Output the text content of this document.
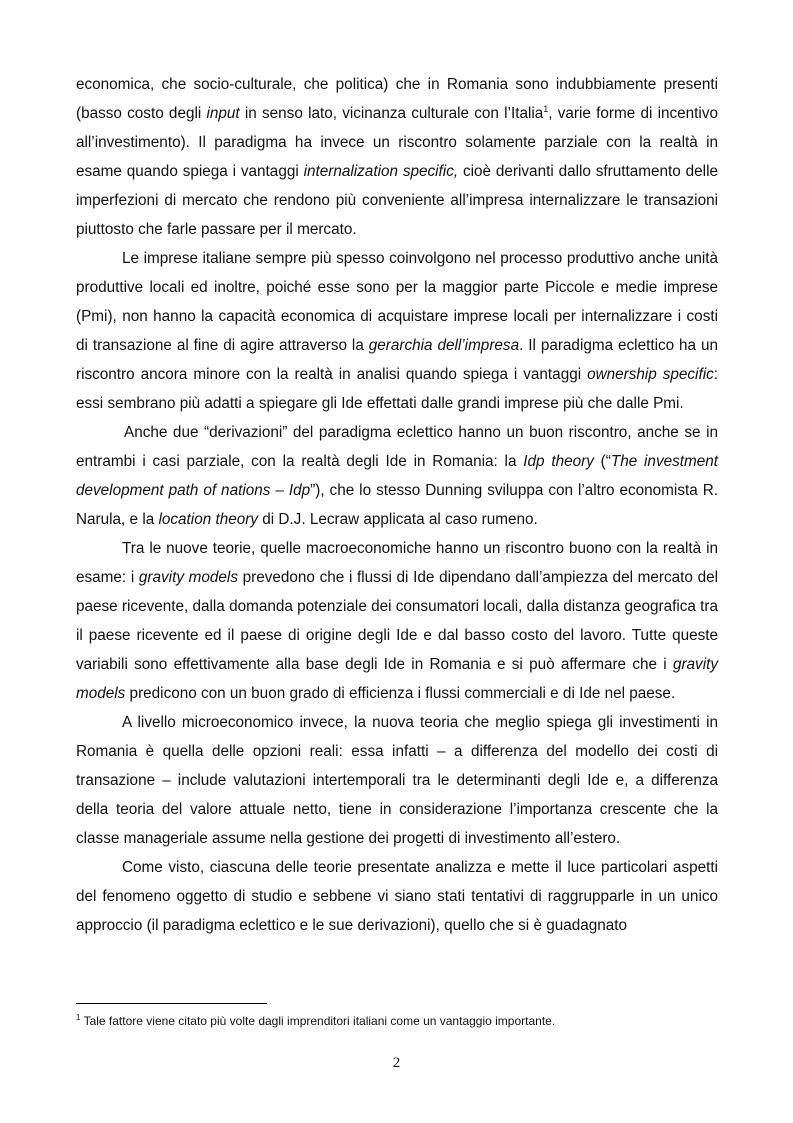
economica, che socio-culturale, che politica) che in Romania sono indubbiamente presenti (basso costo degli input in senso lato, vicinanza culturale con l’Italia$^1$, varie forme di incentivo all’investimento). Il paradigma ha invece un riscontro solamente parziale con la realtà in esame quando spiega i vantaggi internalization specific, cioè derivanti dallo sfruttamento delle imperfezioni di mercato che rendono più conveniente all’impresa internalizzare le transazioni piuttosto che farle passare per il mercato.

Le imprese italiane sempre più spesso coinvolgono nel processo produttivo anche unità produttive locali ed inoltre, poiché esse sono per la maggior parte Piccole e medie imprese (Pmi), non hanno la capacità economica di acquistare imprese locali per internalizzare i costi di transazione al fine di agire attraverso la gerarchia dell’impresa. Il paradigma eclettico ha un riscontro ancora minore con la realtà in analisi quando spiega i vantaggi ownership specific: essi sembrano più adatti a spiegare gli Ide effettati dalle grandi imprese più che dalle Pmi.

Anche due “derivazioni” del paradigma eclettico hanno un buon riscontro, anche se in entrambi i casi parziale, con la realtà degli Ide in Romania: la Idp theory (“The investment development path of nations – Idp”), che lo stesso Dunning sviluppa con l’altro economista R. Narula, e la location theory di D.J. Lecraw applicata al caso rumeno.

Tra le nuove teorie, quelle macroeconomiche hanno un riscontro buono con la realtà in esame: i gravity models prevedono che i flussi di Ide dipendano dall’ampiezza del mercato del paese ricevente, dalla domanda potenziale dei consumatori locali, dalla distanza geografica tra il paese ricevente ed il paese di origine degli Ide e dal basso costo del lavoro. Tutte queste variabili sono effettivamente alla base degli Ide in Romania e si può affermare che i gravity models predicono con un buon grado di efficienza i flussi commerciali e di Ide nel paese.

A livello microeconomico invece, la nuova teoria che meglio spiega gli investimenti in Romania è quella delle opzioni reali: essa infatti – a differenza del modello dei costi di transazione – include valutazioni intertemporali tra le determinanti degli Ide e, a differenza della teoria del valore attuale netto, tiene in considerazione l’importanza crescente che la classe manageriale assume nella gestione dei progetti di investimento all’estero.

Come visto, ciascuna delle teorie presentate analizza e mette il luce particolari aspetti del fenomeno oggetto di studio e sebbene vi siano stati tentativi di raggrupparle in un unico approccio (il paradigma eclettico e le sue derivazioni), quello che si è guadagnato

$^1$ Tale fattore viene citato più volte dagli imprenditori italiani come un vantaggio importante.
2
